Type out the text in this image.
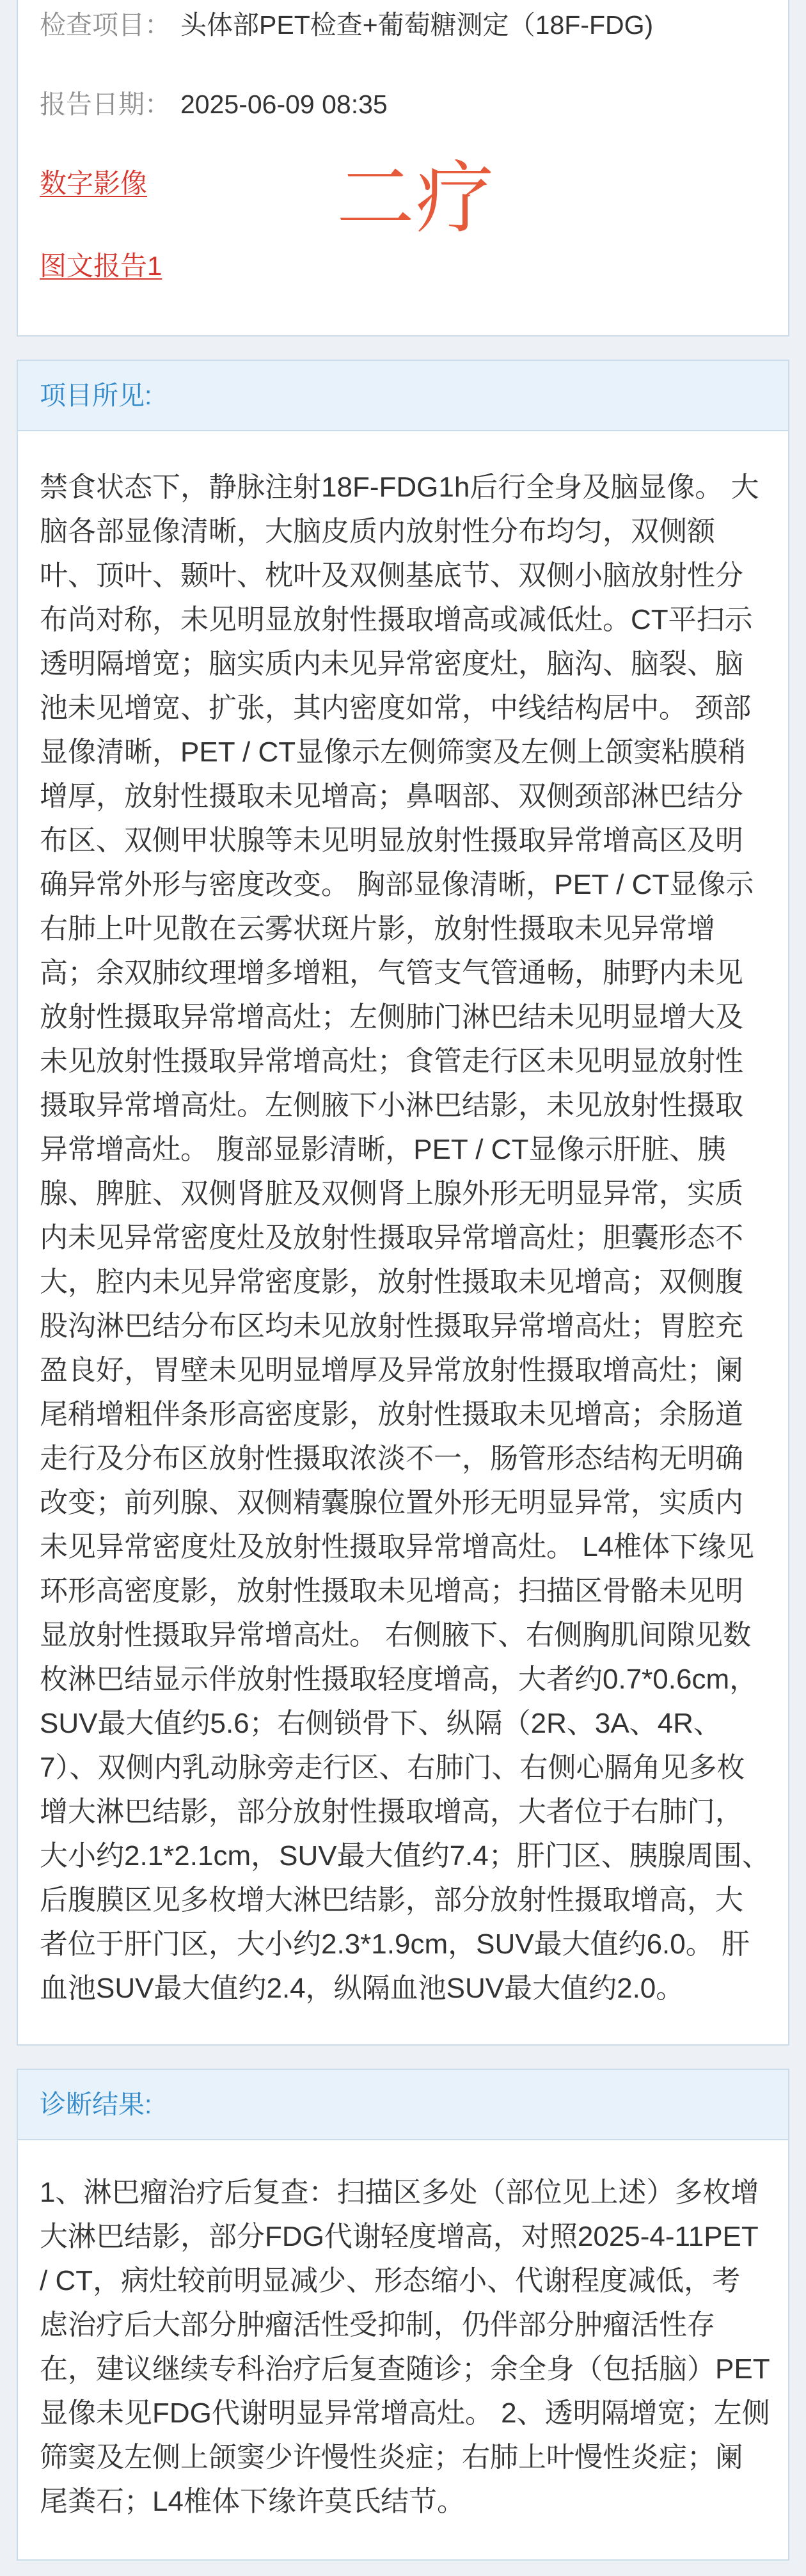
检查项目： 头体部PET检查+葡萄糖测定（18F-FDG)
报告日期： 2025-06-09 08:35
数字影像
图文报告1
二疗
项目所见:
禁食状态下，静脉注射18F-FDG1h后行全身及脑显像。 大
脑各部显像清晰，大脑皮质内放射性分布均匀，双侧额
叶、顶叶、颞叶、枕叶及双侧基底节、双侧小脑放射性分
布尚对称，未见明显放射性摄取增高或减低灶。CT平扫示
透明隔增宽；脑实质内未见异常密度灶，脑沟、脑裂、脑
池未见增宽、扩张，其内密度如常，中线结构居中。 颈部
显像清晰，PET / CT显像示左侧筛窦及左侧上颌窦粘膜稍
增厚，放射性摄取未见增高；鼻咽部、双侧颈部淋巴结分
布区、双侧甲状腺等未见明显放射性摄取异常增高区及明
确异常外形与密度改变。 胸部显像清晰，PET / CT显像示
右肺上叶见散在云雾状斑片影，放射性摄取未见异常增
高；余双肺纹理增多增粗，气管支气管通畅，肺野内未见
放射性摄取异常增高灶；左侧肺门淋巴结未见明显增大及
未见放射性摄取异常增高灶；食管走行区未见明显放射性
摄取异常增高灶。左侧腋下小淋巴结影，未见放射性摄取
异常增高灶。 腹部显影清晰，PET / CT显像示肝脏、胰
腺、脾脏、双侧肾脏及双侧肾上腺外形无明显异常，实质
内未见异常密度灶及放射性摄取异常增高灶；胆囊形态不
大，腔内未见异常密度影，放射性摄取未见增高；双侧腹
股沟淋巴结分布区均未见放射性摄取异常增高灶；胃腔充
盈良好，胃壁未见明显增厚及异常放射性摄取增高灶；阑
尾稍增粗伴条形高密度影，放射性摄取未见增高；余肠道
走行及分布区放射性摄取浓淡不一，肠管形态结构无明确
改变；前列腺、双侧精囊腺位置外形无明显异常，实质内
未见异常密度灶及放射性摄取异常增高灶。 L4椎体下缘见
环形高密度影，放射性摄取未见增高；扫描区骨骼未见明
显放射性摄取异常增高灶。 右侧腋下、右侧胸肌间隙见数
枚淋巴结显示伴放射性摄取轻度增高，大者约0.7*0.6cm，
SUV最大值约5.6；右侧锁骨下、纵隔（2R、3A、4R、
7）、双侧内乳动脉旁走行区、右肺门、右侧心膈角见多枚
增大淋巴结影，部分放射性摄取增高，大者位于右肺门，
大小约2.1*2.1cm，SUV最大值约7.4；肝门区、胰腺周围、
后腹膜区见多枚增大淋巴结影，部分放射性摄取增高，大
者位于肝门区，大小约2.3*1.9cm，SUV最大值约6.0。 肝
血池SUV最大值约2.4，纵隔血池SUV最大值约2.0。
诊断结果:
1、淋巴瘤治疗后复查：扫描区多处（部位见上述）多枚增
大淋巴结影，部分FDG代谢轻度增高，对照2025-4-11PET
/ CT，病灶较前明显减少、形态缩小、代谢程度减低，考
虑治疗后大部分肿瘤活性受抑制，仍伴部分肿瘤活性存
在，建议继续专科治疗后复查随诊；余全身（包括脑）PET
显像未见FDG代谢明显异常增高灶。 2、透明隔增宽；左侧
筛窦及左侧上颌窦少许慢性炎症；右肺上叶慢性炎症；阑
尾粪石；L4椎体下缘许莫氏结节。
